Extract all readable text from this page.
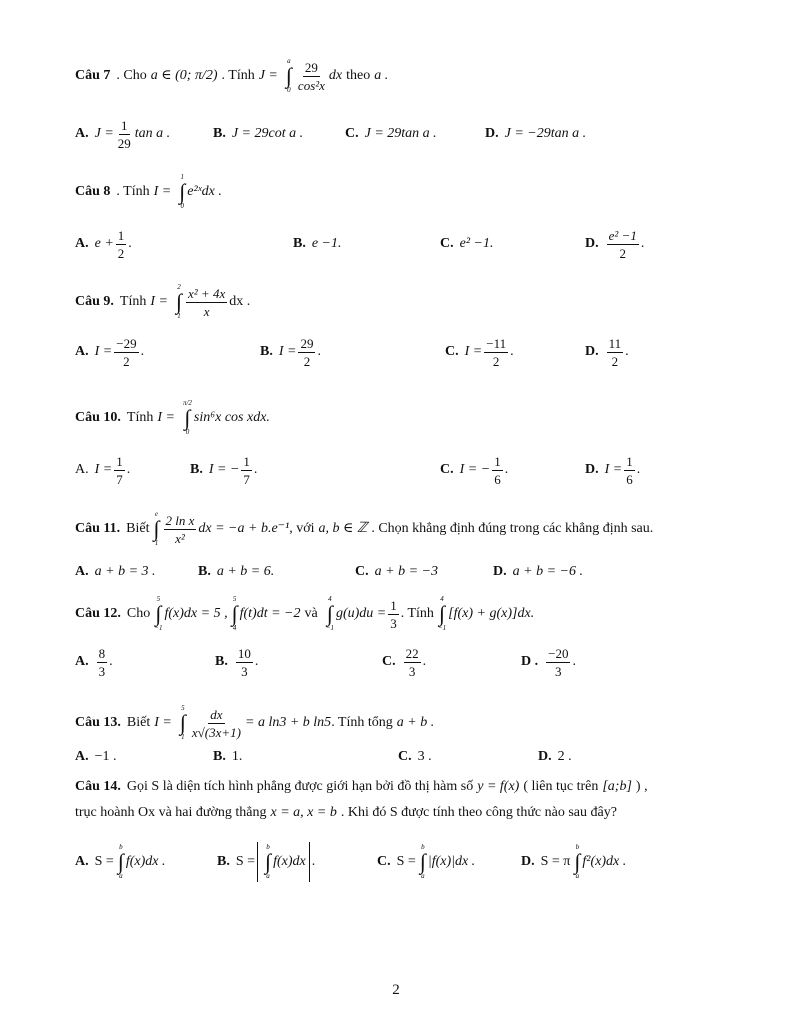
Câu 7 . Cho a ∈ (0; π/2) . Tính J =
a
∫
$0 \frac{29}{\text{cos²x}}$ dx theo a .
A. $J = \frac{1}{29}$ tan a .	B. J = 29cot a .	C. J = 29tan a .	D. J = −29tan a .
Câu 8 . Tính I =
1
∫
0
e²ˣdx .
A. $e + \frac{1}{2}$ .	B. e −1.	C. e² −1.	D. $\frac{\text{e² −1}}{2}$ .
Câu 9. Tính I =
2
∫
$1 \frac{\text{x² + 4x}}{x}$ dx .
A. $I = \frac{-29}{2}$ .	B. $I = \frac{29}{2}$ .	C. $I = \frac{-11}{2}$ .	D. $\frac{11}{2}$ .
Câu 10. Tính I =
π/2
∫
0
sin⁶x cos xdx.
A. $I = \frac{1}{7}$ .	B. I = − $\frac{1}{7}$ .	C. I = − $\frac{1}{6}$ .	D. $I = \frac{1}{6}$ .
Câu 11. Biết
e
∫
$1 \frac{\text{2 ln x}}{\text{x²}}$ dx = −a + b.e⁻¹ , với a, b ∈ ℤ . Chọn khẳng định đúng trong các khẳng định sau.
A. a + b = 3 .	B. a + b = 6.	C. a + b = −3	D. a + b = −6 .
Câu 12. Cho
5
∫
−1
f(x)dx = 5 ,
5
∫
4
f(t)dt = −2 và
4
∫
−1
$g(u)du = \frac{1}{3}$ . Tính
4
∫
−1
[f(x) + g(x)]dx.
A. $\frac{8}{3}$ .	B. $\frac{10}{3}$ .	C. $\frac{22}{3}$ .	D . $\frac{-20}{3}$ .
Câu 13. Biết I =
5
∫
$1 \frac{dx}{x√(3x+1)} = a$ ln3 + b ln5 . Tính tổng a + b .
A. −1 .	B. 1.	C. 3 .	D. 2 .
Câu 14. Gọi S là diện tích hình phẳng được giới hạn bởi đồ thị hàm số y = f(x) ( liên tục trên [a;b] ) ,
trục hoành Ox và hai đường thẳng x = a, x = b . Khi đó S được tính theo công thức nào sau đây?
A. S =
b
∫
a
f(x)dx .	B. S =
b
∫
a
f(x)dx .	C. S =
b
∫
a
|f(x)|dx .	D. S = π
b
∫
a
f²(x)dx .
2
